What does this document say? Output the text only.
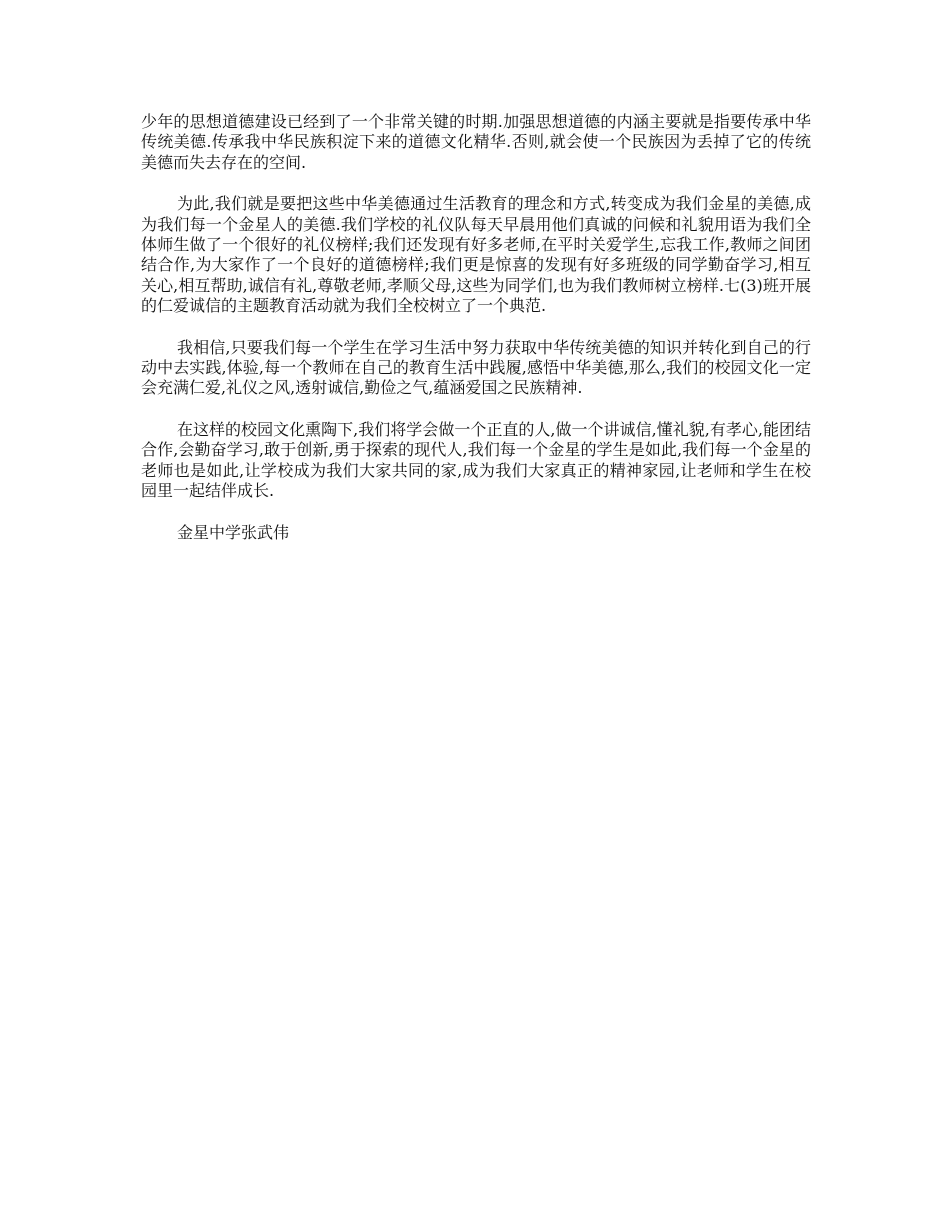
少年的思想道德建设已经到了一个非常关键的时期.加强思想道德的内涵主要就是指要传承中华传统美德.传承我中华民族积淀下来的道德文化精华.否则,就会使一个民族因为丢掉了它的传统美德而失去存在的空间.

为此,我们就是要把这些中华美德通过生活教育的理念和方式,转变成为我们金星的美德,成为我们每一个金星人的美德.我们学校的礼仪队每天早晨用他们真诚的问候和礼貌用语为我们全体师生做了一个很好的礼仪榜样;我们还发现有好多老师,在平时关爱学生,忘我工作,教师之间团结合作,为大家作了一个良好的道德榜样;我们更是惊喜的发现有好多班级的同学勤奋学习,相互关心,相互帮助,诚信有礼,尊敬老师,孝顺父母,这些为同学们,也为我们教师树立榜样.七(3)班开展的仁爱诚信的主题教育活动就为我们全校树立了一个典范.

我相信,只要我们每一个学生在学习生活中努力获取中华传统美德的知识并转化到自己的行动中去实践,体验,每一个教师在自己的教育生活中践履,感悟中华美德,那么,我们的校园文化一定会充满仁爱,礼仪之风,透射诚信,勤俭之气,蕴涵爱国之民族精神.

在这样的校园文化熏陶下,我们将学会做一个正直的人,做一个讲诚信,懂礼貌,有孝心,能团结合作,会勤奋学习,敢于创新,勇于探索的现代人,我们每一个金星的学生是如此,我们每一个金星的老师也是如此,让学校成为我们大家共同的家,成为我们大家真正的精神家园,让老师和学生在校园里一起结伴成长.

金星中学张武伟
